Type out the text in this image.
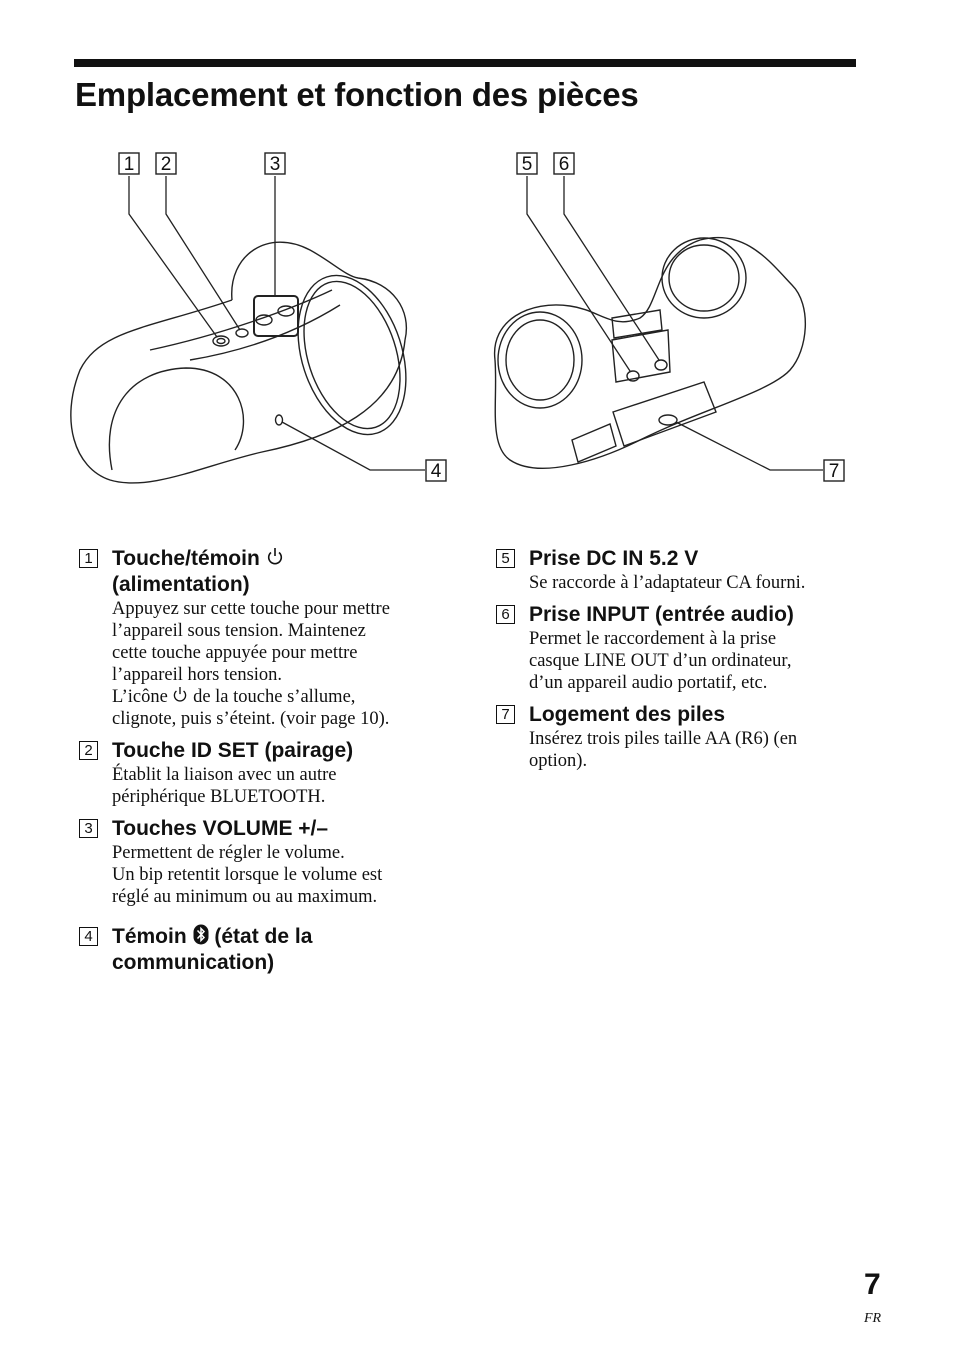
Emplacement et fonction des pièces
1 2	3
4
5 6
7
1 Touche/témoin
(alimentation)
Appuyez sur cette touche pour mettre
l’appareil sous tension. Maintenez
cette touche appuyée pour mettre
l’appareil hors tension.
L’icône de la touche s’allume,
clignote, puis s’éteint. (voir page 10).
2 Touche ID SET (pairage)
Établit la liaison avec un autre
périphérique BLUETOOTH.
3 Touches VOLUME +/–
Permettent de régler le volume.
Un bip retentit lorsque le volume est
réglé au minimum ou au maximum.
4 Témoin (état de la
communication)
5 Prise DC IN 5.2 V
Se raccorde à l’adaptateur CA fourni.
6 Prise INPUT (entrée audio)
Permet le raccordement à la prise
casque LINE OUT d’un ordinateur,
d’un appareil audio portatif, etc.
7 Logement des piles
Insérez trois piles taille AA (R6) (en
option).
7
FR
